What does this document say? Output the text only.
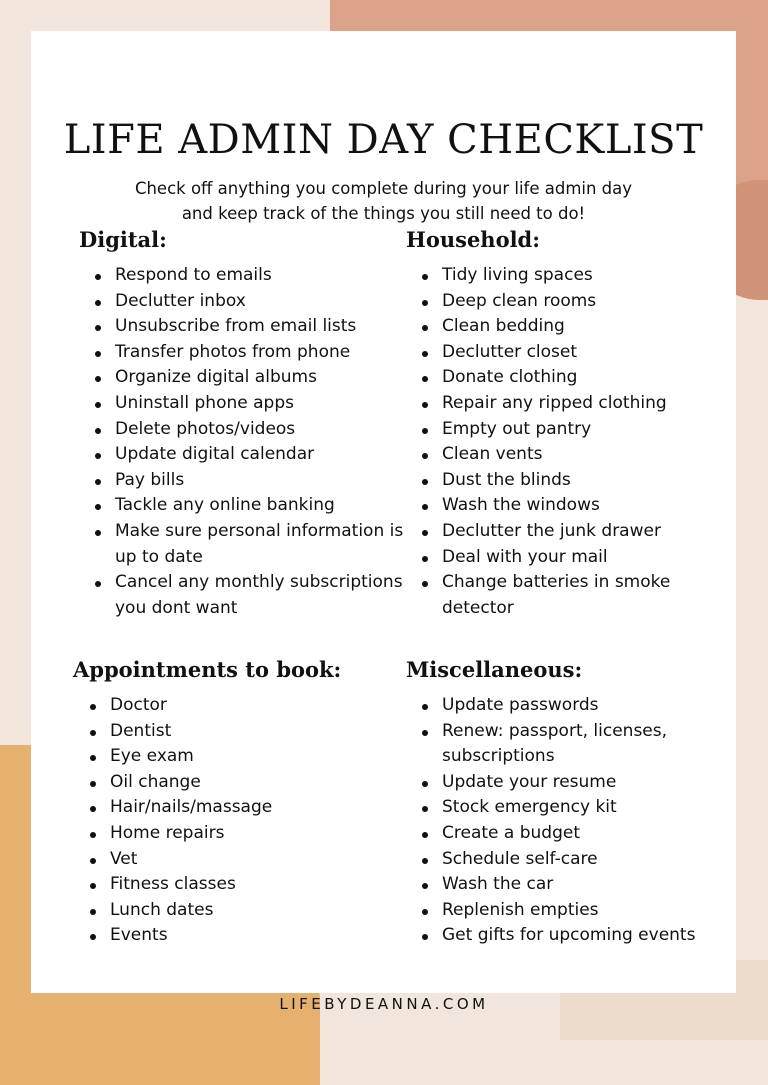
LIFE ADMIN DAY CHECKLIST

Check off anything you complete during your life admin day
and keep track of the things you still need to do!

Digital:
Respond to emails
Declutter inbox
Unsubscribe from email lists
Transfer photos from phone
Organize digital albums
Uninstall phone apps
Delete photos/videos
Update digital calendar
Pay bills
Tackle any online banking
Make sure personal information is up to date
Cancel any monthly subscriptions you dont want
Household:
Tidy living spaces
Deep clean rooms
Clean bedding
Declutter closet
Donate clothing
Repair any ripped clothing
Empty out pantry
Clean vents
Dust the blinds
Wash the windows
Declutter the junk drawer
Deal with your mail
Change batteries in smoke detector
Appointments to book:
Doctor
Dentist
Eye exam
Oil change
Hair/nails/massage
Home repairs
Vet
Fitness classes
Lunch dates
Events
Miscellaneous:
Update passwords
Renew: passport, licenses, subscriptions
Update your resume
Stock emergency kit
Create a budget
Schedule self-care
Wash the car
Replenish empties
Get gifts for upcoming events
LIFEBYDEANNA.COM
